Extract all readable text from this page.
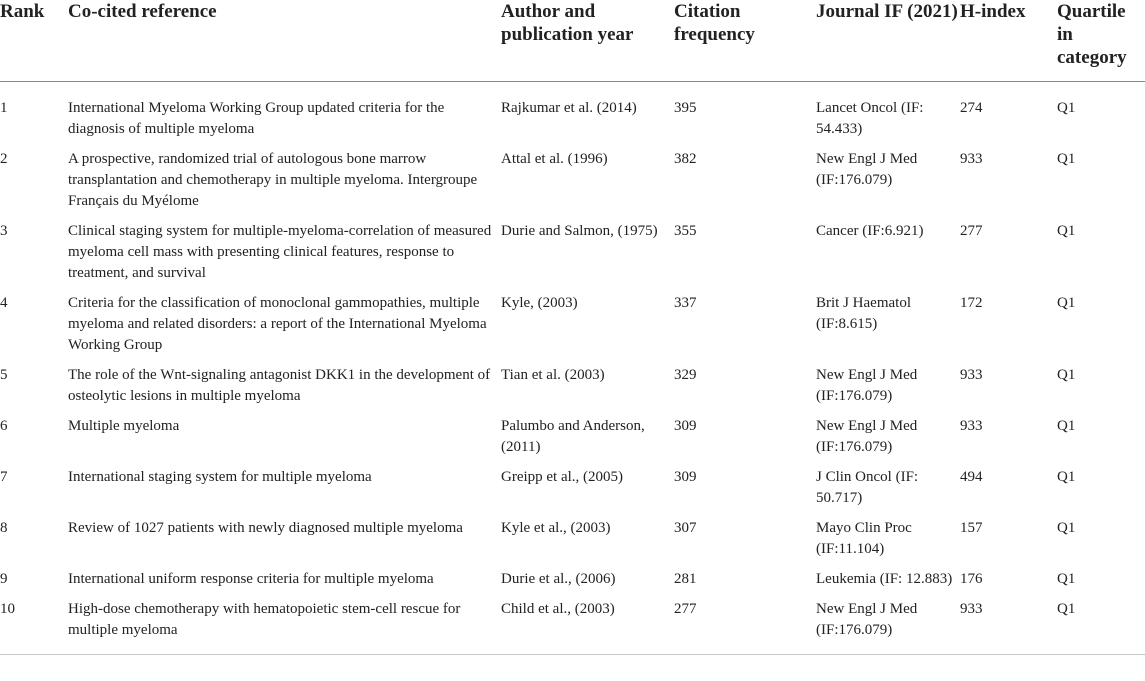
Rank	Co-cited reference	Author and publication year	Citation frequency	Journal IF (2021)	H-index	Quartile in category
1	International Myeloma Working Group updated criteria for the diagnosis of multiple myeloma	Rajkumar et al. (2014)	395	Lancet Oncol (IF: 54.433)	274	Q1
2	A prospective, randomized trial of autologous bone marrow transplantation and chemotherapy in multiple myeloma. Intergroupe Français du Myélome	Attal et al. (1996)	382	New Engl J Med (IF:176.079)	933	Q1
3	Clinical staging system for multiple-myeloma-correlation of measured myeloma cell mass with presenting clinical features, response to treatment, and survival	Durie and Salmon, (1975)	355	Cancer (IF:6.921)	277	Q1
4	Criteria for the classification of monoclonal gammopathies, multiple myeloma and related disorders: a report of the International Myeloma Working Group	Kyle, (2003)	337	Brit J Haematol (IF:8.615)	172	Q1
5	The role of the Wnt-signaling antagonist DKK1 in the development of osteolytic lesions in multiple myeloma	Tian et al. (2003)	329	New Engl J Med (IF:176.079)	933	Q1
6	Multiple myeloma	Palumbo and Anderson, (2011)	309	New Engl J Med (IF:176.079)	933	Q1
7	International staging system for multiple myeloma	Greipp et al., (2005)	309	J Clin Oncol (IF: 50.717)	494	Q1
8	Review of 1027 patients with newly diagnosed multiple myeloma	Kyle et al., (2003)	307	Mayo Clin Proc (IF:11.104)	157	Q1
9	International uniform response criteria for multiple myeloma	Durie et al., (2006)	281	Leukemia (IF: 12.883)	176	Q1
10	High-dose chemotherapy with hematopoietic stem-cell rescue for multiple myeloma	Child et al., (2003)	277	New Engl J Med (IF:176.079)	933	Q1
